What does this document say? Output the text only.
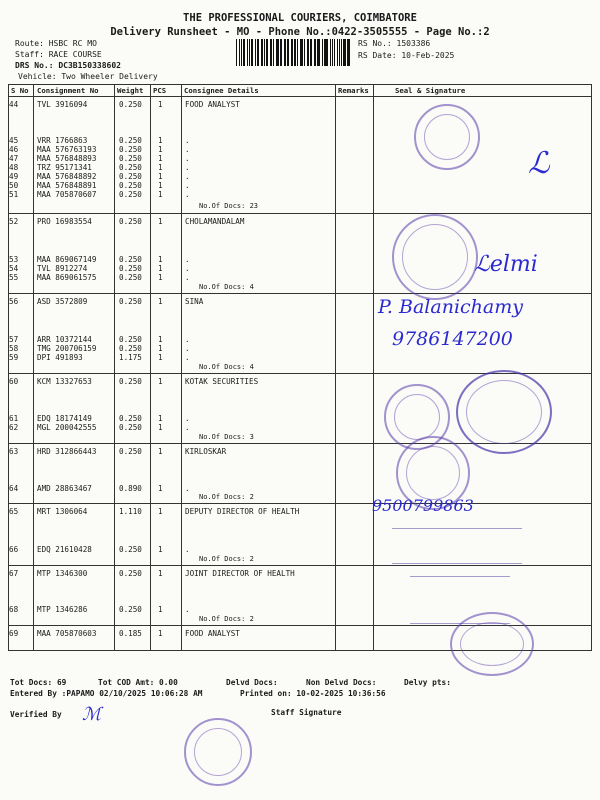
THE PROFESSIONAL COURIERS, COIMBATORE
Delivery Runsheet - MO - Phone No.:0422-3505555 - Page No.:2
Route: HSBC RC MO
Staff: RACE COURSE
DRS No.: DC3B150338602
Vehicle: Two Wheeler Delivery
RS No.: 1503386
RS Date: 10-Feb-2025
S No Consignment No	Weight PCS Consignee Details	Remarks	Seal & Signature
44 TVL 3916094	0.250 1	FOOD ANALYST
45 VRR 1766863	0.250 1	.
46 MAA 576763193	0.250 1	.
47 MAA 576848893	0.250 1	.
48 TRZ 95171341	0.250 1	.
49 MAA 576848892	0.250 1	.
50 MAA 576848891	0.250 1	.
51 MAA 705870607	0.250 1	.
No.Of Docs: 23
52 PRO 16983554	0.250 1	CHOLAMANDALAM
53 MAA 869067149	0.250 1	.
54 TVL 8912274	0.250 1	.
55 MAA 869061575	0.250 1	.
No.Of Docs: 4
56 ASD 3572809	0.250 1	SINA
57 ARR 10372144	0.250 1	.
58 TMG 200706159	0.250 1	.
59 DPI 491893	1.175 1	.
No.Of Docs: 4
60 KCM 13327653	0.250 1	KOTAK SECURITIES
61 EDQ 18174149	0.250 1	.
62 MGL 200042555	0.250 1	.
No.Of Docs: 3
63 HRD 312866443	0.250 1	KIRLOSKAR
64 AMD 28863467	0.890 1	.
No.Of Docs: 2
65 MRT 1306064	1.110 1	DEPUTY DIRECTOR OF HEALTH
66 EDQ 21610428	0.250 1	.
No.Of Docs: 2
67 MTP 1346300	0.250 1	JOINT DIRECTOR OF HEALTH
68 MTP 1346286	0.250 1	.
No.Of Docs: 2
69 MAA 705870603	0.185 1	FOOD ANALYST
ℒ
ℒelmi
P. Balanichamy
9786147200
9500799863
Tot Docs: 69	Tot COD Amt: 0.00	Delvd Docs:	Non Delvd Docs:	Delvy pts:
Entered By :PAPAMO 02/10/2025 10:06:28 AM	Printed on: 10-02-2025 10:36:56
Verified By ℳ	Staff Signature
